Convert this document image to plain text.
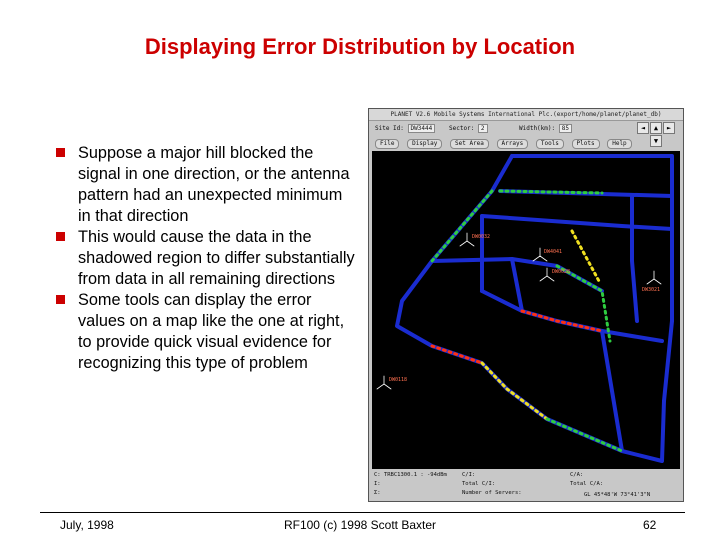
Displaying Error Distribution by Location
Suppose a major hill blocked the signal in one direction, or the antenna pattern had an unexpected minimum in that direction
This would cause the data in the shadowed region to differ substantially from data in all remaining directions
Some tools can display the error values on a map like the one at right, to provide quick visual evidence for recognizing this type of problem
PLANET V2.6 Mobile Systems International Plc.(export/home/planet/planet_db)
Site Id: DW3444	Sector: 2	Width(km): 85	◄	▲	►
▼
File	Display	Set Area	Arrays	Tools	Plots	Help
DW0032
DW4041
DW3021
DW0118
DW0028
C: TRBC1300.1 : -94dBm
I:
Σ:
C/I:
Total C/I:
Number of Servers:
C/A:
Total C/A:
GL 45*48'W 73°41'3"N
July, 1998	RF100 (c) 1998 Scott Baxter	62
